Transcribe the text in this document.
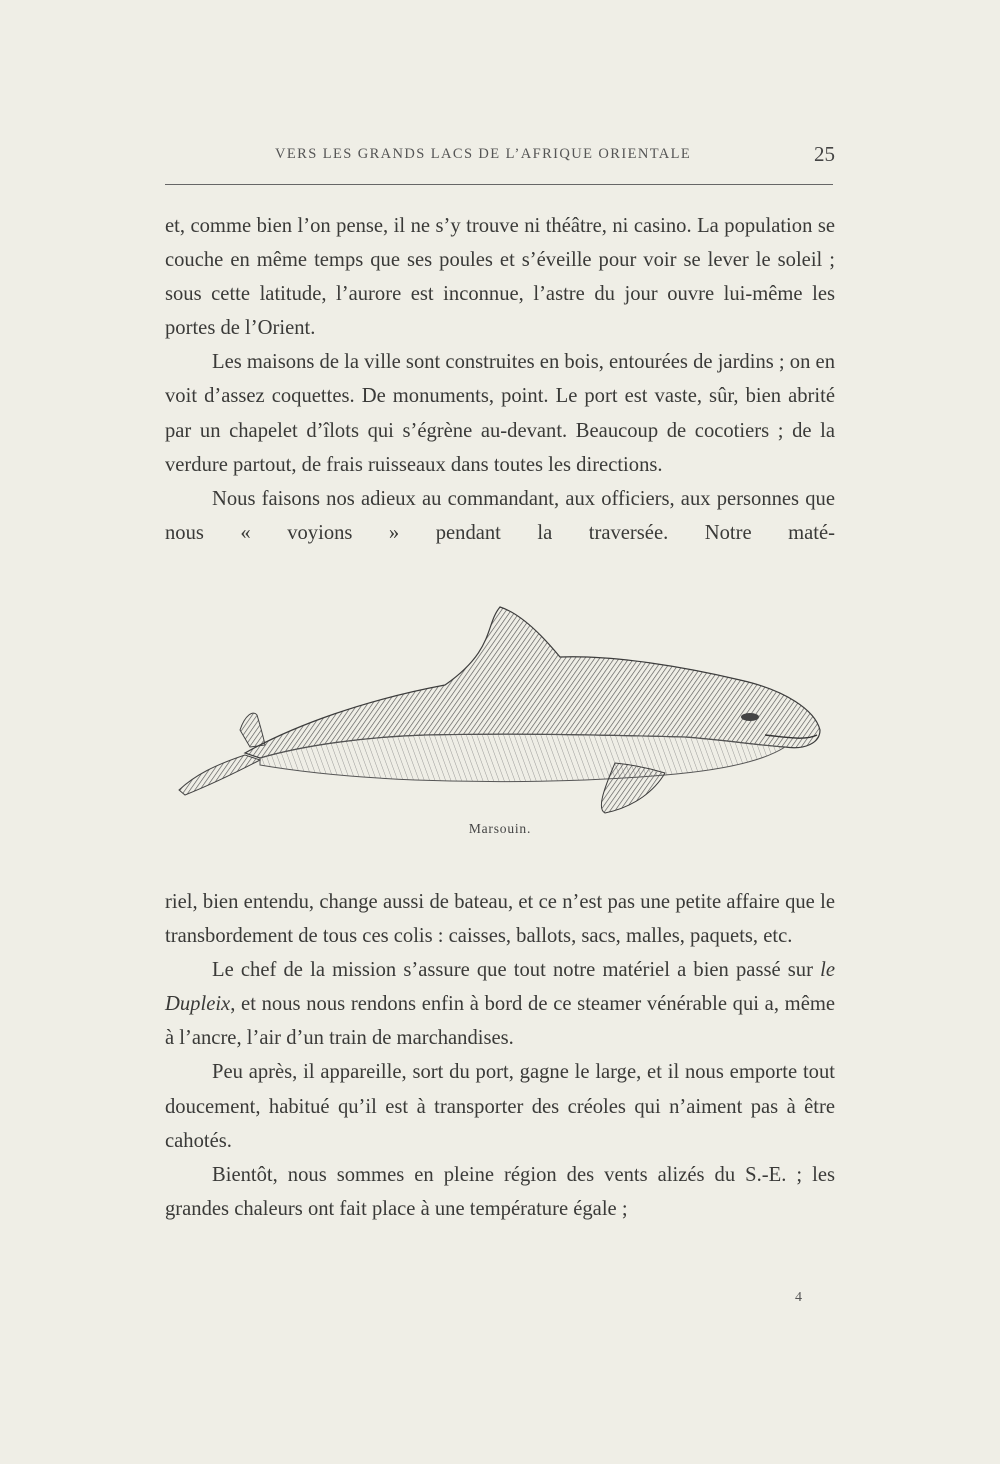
VERS LES GRANDS LACS DE L’AFRIQUE ORIENTALE	25

et, comme bien l’on pense, il ne s’y trouve ni théâtre, ni casino. La population se couche en même temps que ses poules et s’éveille pour voir se lever le soleil ; sous cette latitude, l’aurore est inconnue, l’astre du jour ouvre lui-même les portes de l’Orient.

Les maisons de la ville sont construites en bois, entourées de jardins ; on en voit d’assez coquettes. De monuments, point. Le port est vaste, sûr, bien abrité par un chapelet d’îlots qui s’égrène au-devant. Beaucoup de cocotiers ; de la verdure partout, de frais ruisseaux dans toutes les directions.

Nous faisons nos adieux au commandant, aux officiers, aux personnes que nous « voyions » pendant la traversée. Notre maté-

Marsouin.

riel, bien entendu, change aussi de bateau, et ce n’est pas une petite affaire que le transbordement de tous ces colis : caisses, ballots, sacs, malles, paquets, etc.

Le chef de la mission s’assure que tout notre matériel a bien passé sur le Dupleix, et nous nous rendons enfin à bord de ce steamer vénérable qui a, même à l’ancre, l’air d’un train de marchandises.

Peu après, il appareille, sort du port, gagne le large, et il nous emporte tout doucement, habitué qu’il est à transporter des créoles qui n’aiment pas à être cahotés.

Bientôt, nous sommes en pleine région des vents alizés du S.-E. ; les grandes chaleurs ont fait place à une température égale ;

4
